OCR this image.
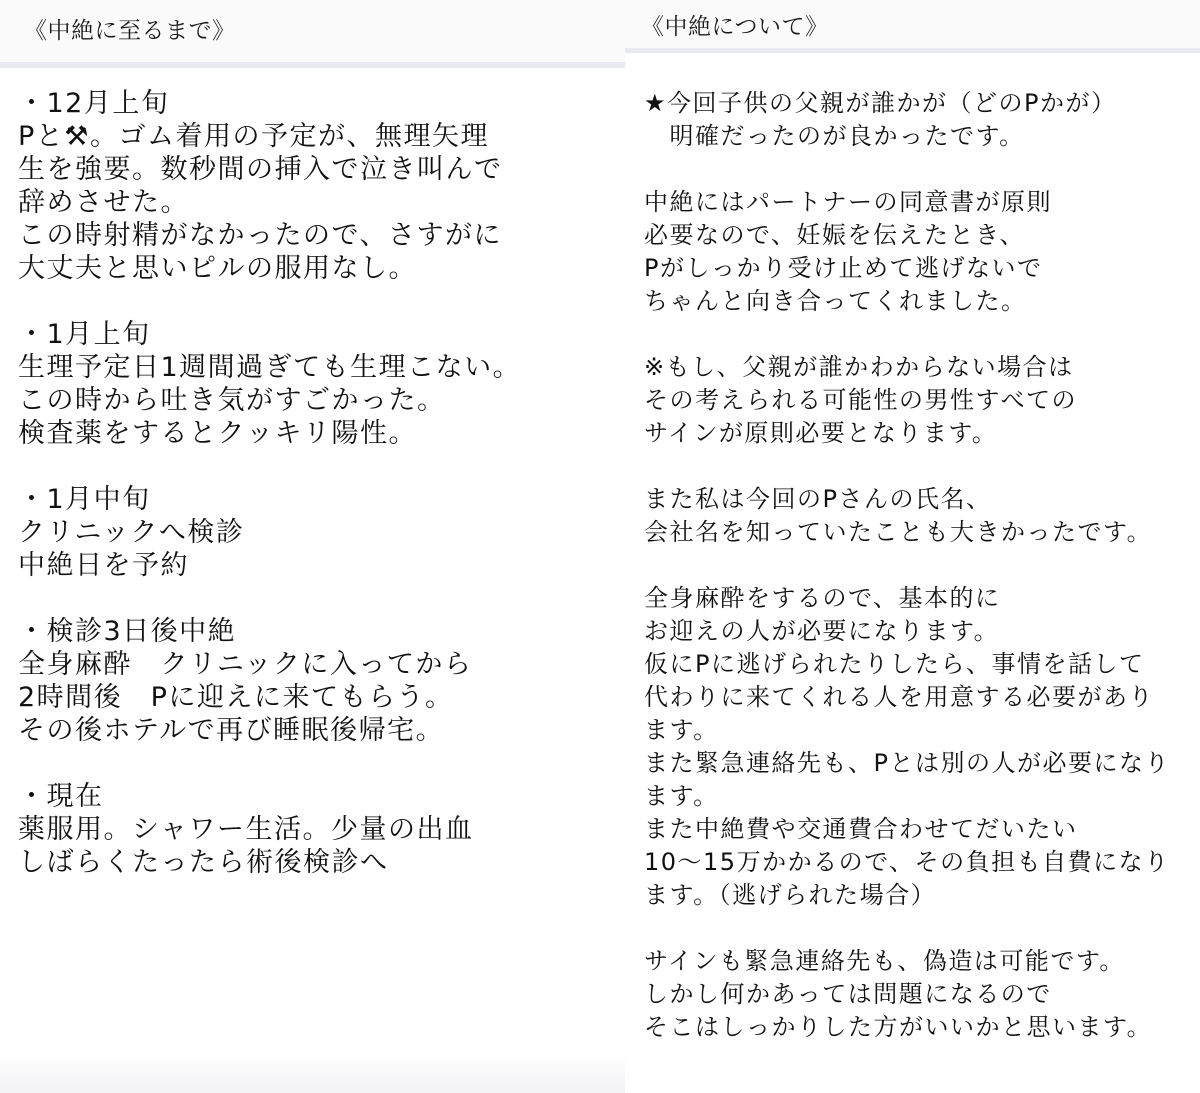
《中絶に至るまで》
・12月上旬
Pと⚒。ゴム着用の予定が、無理矢理
生を強要。数秒間の挿入で泣き叫んで
辞めさせた。
この時射精がなかったので、さすがに
大丈夫と思いピルの服用なし。
・1月上旬
生理予定日1週間過ぎても生理こない。
この時から吐き気がすごかった。
検査薬をするとクッキリ陽性。
・1月中旬
クリニックへ検診
中絶日を予約
・検診3日後中絶
全身麻酔　クリニックに入ってから
2時間後　Pに迎えに来てもらう。
その後ホテルで再び睡眠後帰宅。
・現在
薬服用。シャワー生活。少量の出血
しばらくたったら術後検診へ
《中絶について》
★今回子供の父親が誰かが（どのPかが）
　明確だったのが良かったです。
中絶にはパートナーの同意書が原則
必要なので、妊娠を伝えたとき、
Pがしっかり受け止めて逃げないで
ちゃんと向き合ってくれました。
※もし、父親が誰かわからない場合は
その考えられる可能性の男性すべての
サインが原則必要となります。
また私は今回のPさんの氏名、
会社名を知っていたことも大きかったです。
全身麻酔をするので、基本的に
お迎えの人が必要になります。
仮にPに逃げられたりしたら、事情を話して
代わりに来てくれる人を用意する必要があり
ます。
また緊急連絡先も、Pとは別の人が必要になり
ます。
また中絶費や交通費合わせてだいたい
10〜15万かかるので、その負担も自費になり
ます。（逃げられた場合）
サインも緊急連絡先も、偽造は可能です。
しかし何かあっては問題になるので
そこはしっかりした方がいいかと思います。
